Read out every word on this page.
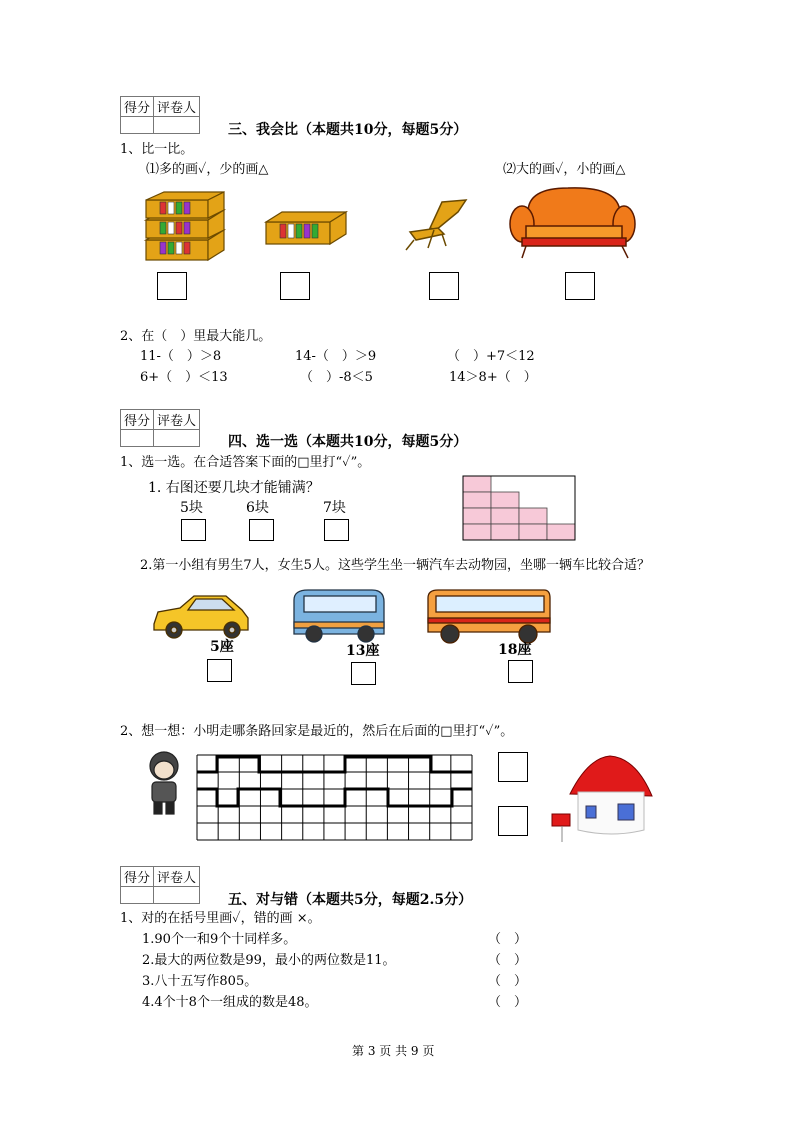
得分	评卷人

三、我会比（本题共10分，每题5分）
1、比一比。
⑴多的画✓，少的画△	⑵大的画✓，小的画△
2、在（　）里最大能几。
11-（　）＞8	14-（　）＞9	（　）+7＜12
6+（　）＜13	（　）-8＜5	14＞8+（　）
得分	评卷人

四、选一选（本题共10分，每题5分）
1、选一选。在合适答案下面的□里打“✓”。
1. 右图还要几块才能铺满？
5块	6块	7块
2.第一小组有男生7人，女生5人。这些学生坐一辆汽车去动物园，坐哪一辆车比较合适？
5座	13座	18座
2、想一想：小明走哪条路回家是最近的，然后在后面的□里打“✓”。
得分	评卷人

五、对与错（本题共5分，每题2.5分）
1、对的在括号里画✓，错的画 ×。
1.90个一和9个十同样多。	（　）
2.最大的两位数是99，最小的两位数是11。	（　）
3.八十五写作805。	（　）
4.4个十8个一组成的数是48。	（　）
第 3 页 共 9 页
